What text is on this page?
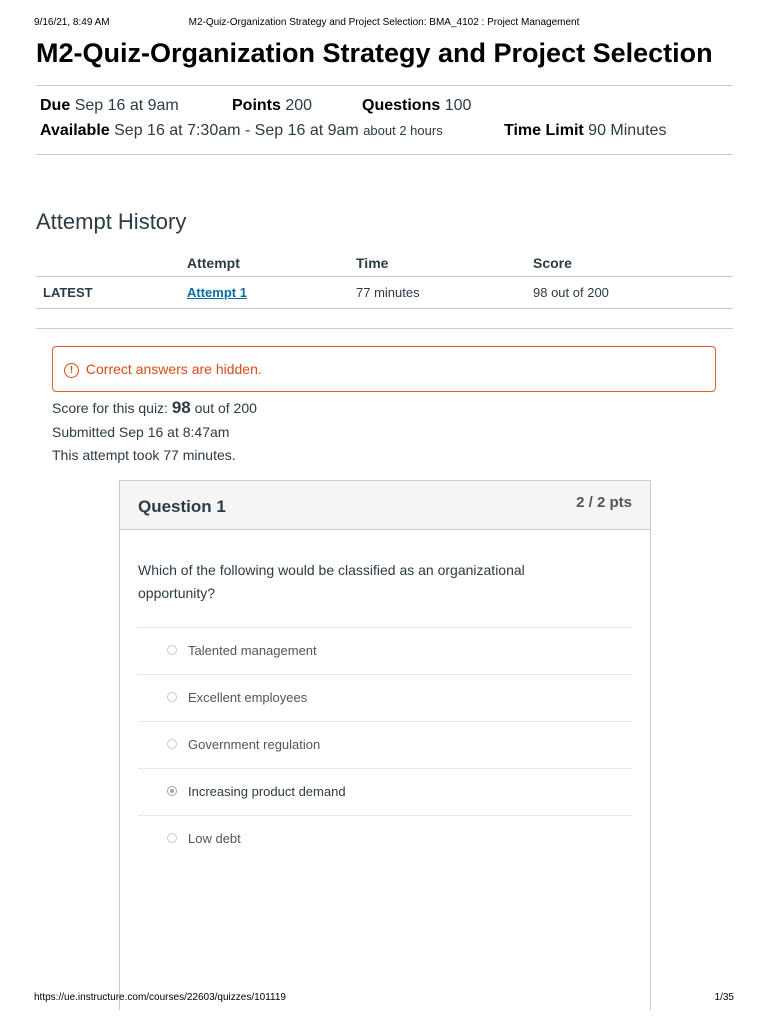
9/16/21, 8:49 AM	M2-Quiz-Organization Strategy and Project Selection: BMA_4102 : Project Management
M2-Quiz-Organization Strategy and Project Selection
Due Sep 16 at 9am	Points 200	Questions 100
Available Sep 16 at 7:30am - Sep 16 at 9am about 2 hours	Time Limit 90 Minutes
Attempt History
	Attempt	Time	Score
LATEST	Attempt 1	77 minutes	98 out of 200
! Correct answers are hidden.
Score for this quiz: 98 out of 200
Submitted Sep 16 at 8:47am
This attempt took 77 minutes.
Question 1	2 / 2 pts
Which of the following would be classified as an organizational opportunity?
Talented management
Excellent employees
Government regulation
Increasing product demand
Low debt
https://ue.instructure.com/courses/22603/quizzes/101119	1/35
